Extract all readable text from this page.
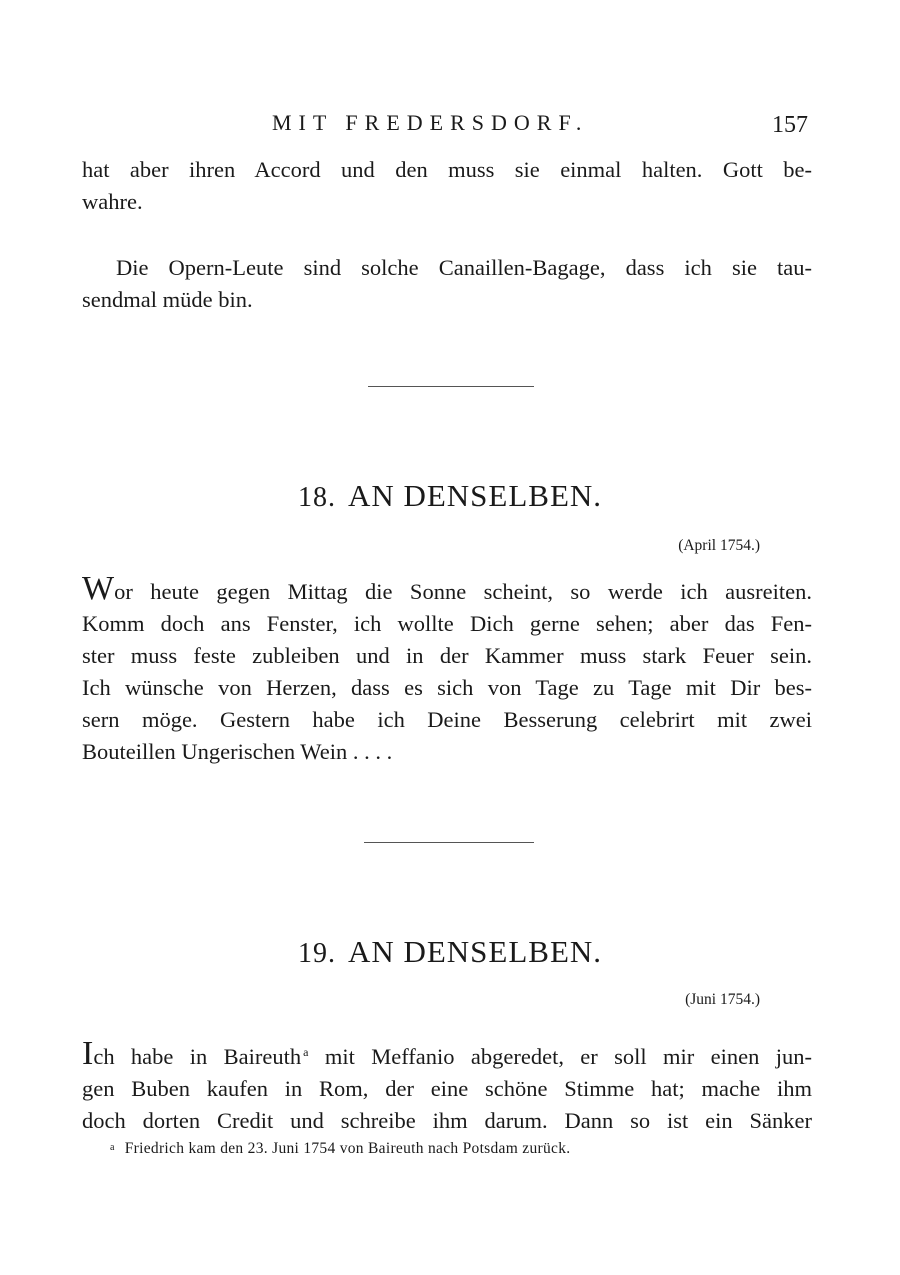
MIT FREDERSDORF.	157
hat aber ihren Accord und den muss sie einmal halten. Gott be-
wahre.
Die Opern-Leute sind solche Canaillen-Bagage, dass ich sie tau-
sendmal müde bin.
18. AN DENSELBEN.
(April 1754.)
Wor heute gegen Mittag die Sonne scheint, so werde ich ausreiten.
Komm doch ans Fenster, ich wollte Dich gerne sehen; aber das Fen-
ster muss feste zubleiben und in der Kammer muss stark Feuer sein.
Ich wünsche von Herzen, dass es sich von Tage zu Tage mit Dir bes-
sern möge. Gestern habe ich Deine Besserung celebrirt mit zwei
Bouteillen Ungerischen Wein . . . .
19. AN DENSELBEN.
(Juni 1754.)
Ich habe in Baireuth $^a$ mit Meffanio abgeredet, er soll mir einen jun-
gen Buben kaufen in Rom, der eine schöne Stimme hat; mache ihm
doch dorten Credit und schreibe ihm darum. Dann so ist ein Sänker
a Friedrich kam den 23. Juni 1754 von Baireuth nach Potsdam zurück.
